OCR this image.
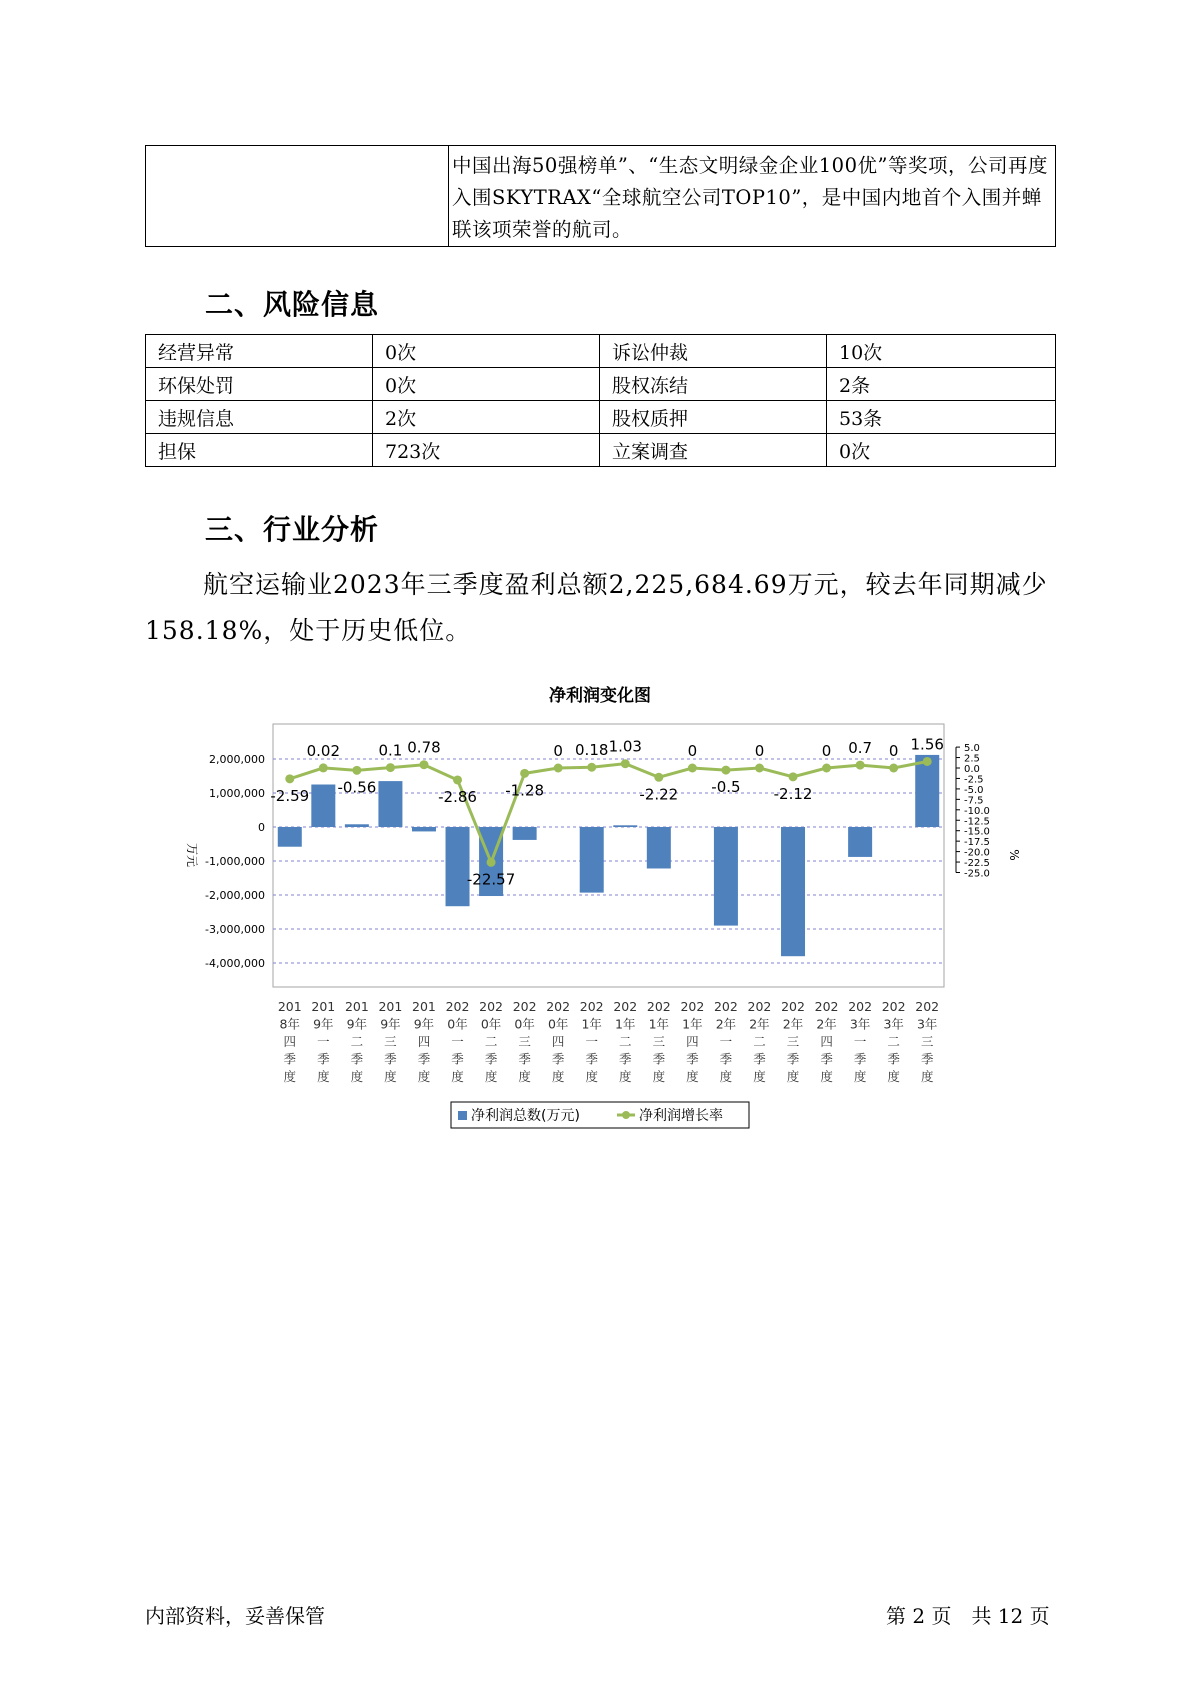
	中国出海50强榜单”、“生态文明绿金企业100优”等奖项，公司再度入围SKYTRAX“全球航空公司TOP10”，是中国内地首个入围并蝉联该项荣誉的航司。
二、风险信息
经营异常	0次	诉讼仲裁	10次
环保处罚	0次	股权冻结	2条
违规信息	2次	股权质押	53条
担保	723次	立案调查	0次
三、行业分析
航空运输业2023年三季度盈利总额2,225,684.69万元，较去年同期减少158.18%，处于历史低位。
净利润变化图
2,000,000
1,000,000
0
-1,000,000
-2,000,000
-3,000,000
-4,000,000
5.0
2.5
0.0
-2.5
-5.0
-7.5
-10.0
-12.5
-15.0
-17.5
-20.0
-22.5
-25.0
-2.59
0.02
-0.56
0.1 0.78
-2.86
-22.57
-1.28
0 0.18 1.03
-2.22
0
-0.5
0
-2.12
0 0.7 0 1.56
201 8年四季度
201 9年一季度
201 9年二季度
201 9年三季度
201 9年四季度
202 0年一季度
202 0年二季度
202 0年三季度
202 0年四季度
202 1年一季度
202 1年二季度
202 1年三季度
202 1年四季度
202 2年一季度
202 2年二季度
202 2年三季度
202 2年四季度
202 3年一季度
202 3年二季度
202 3年三季度
万元	%
净利润总数(万元)	净利润增长率
内部资料，妥善保管	第 2 页　共 12 页
